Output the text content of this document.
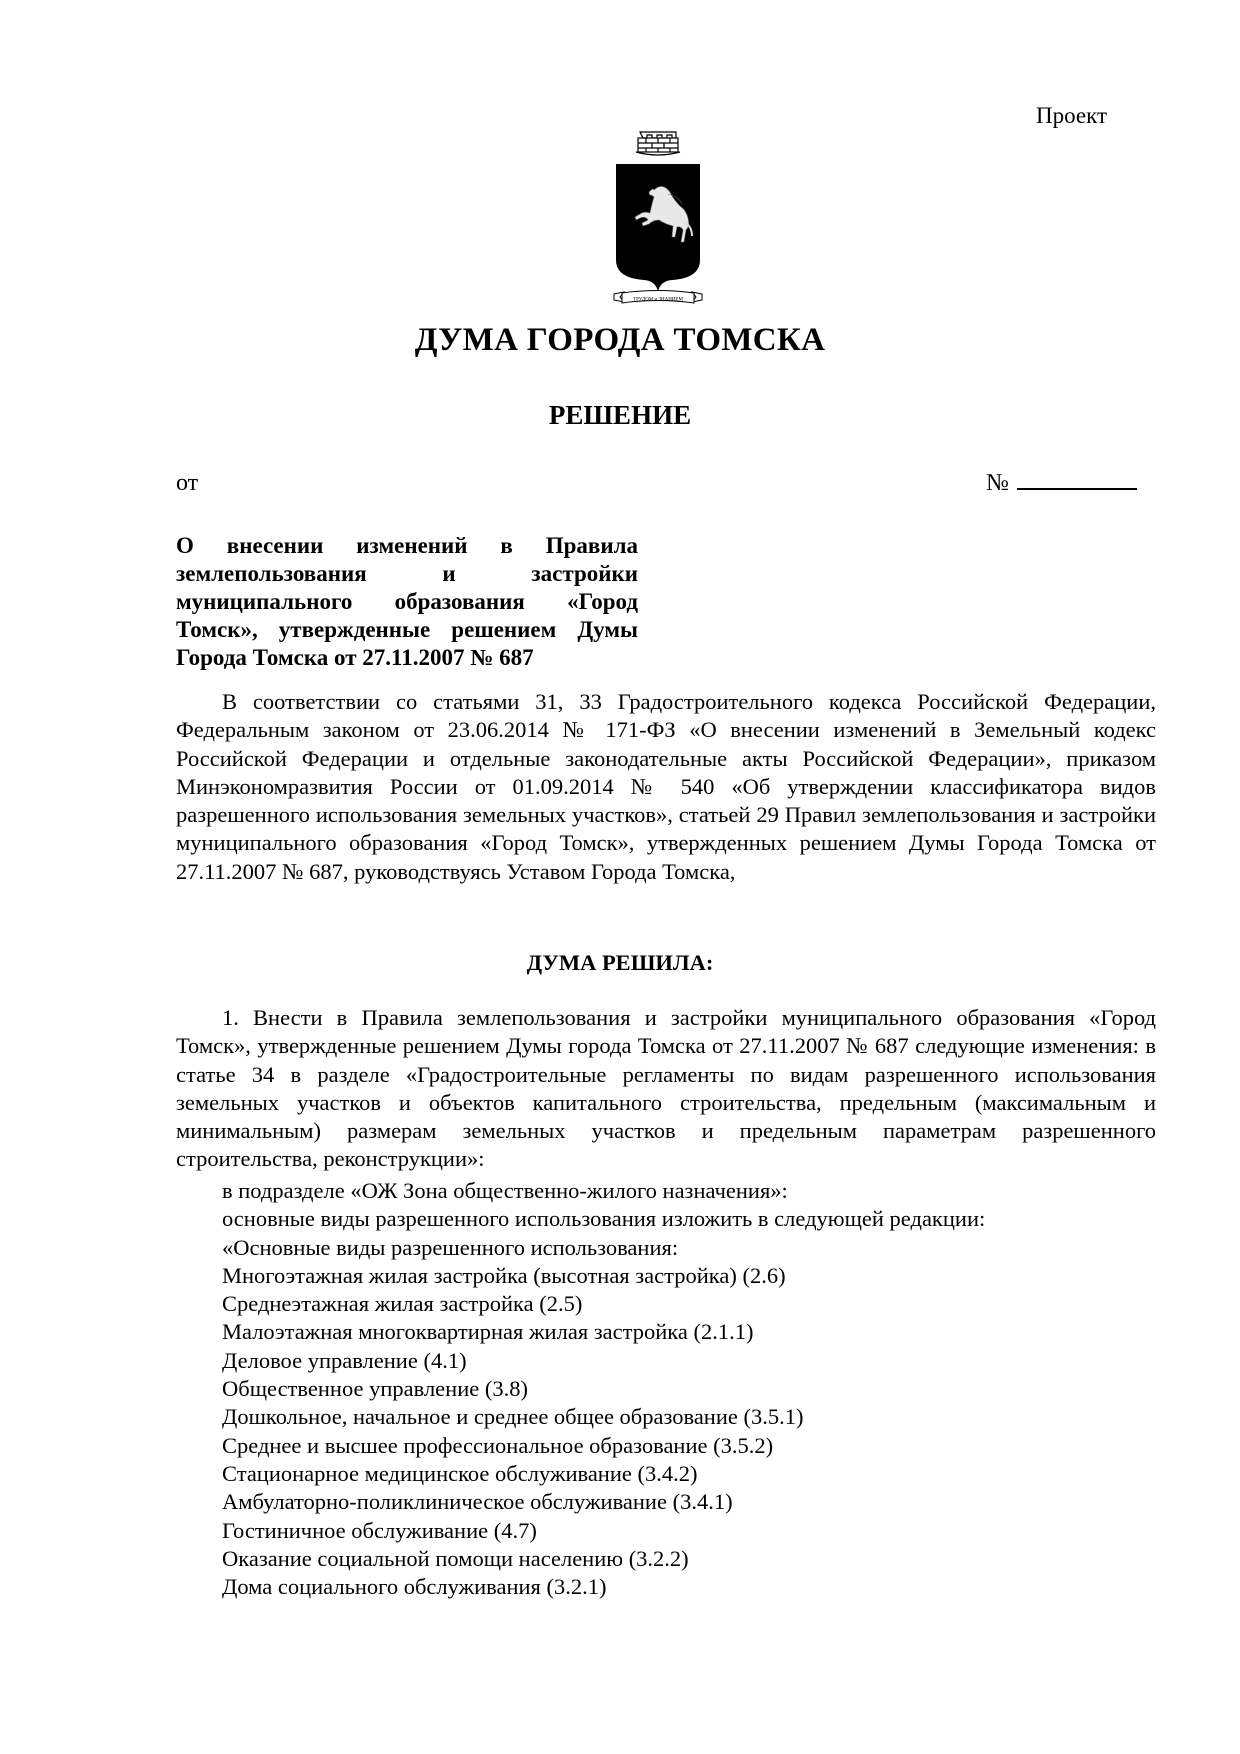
Проект
ТРУДОМ и ЗНАНИЕМ
ДУМА ГОРОДА ТОМСКА
РЕШЕНИЕ
от	№
О внесении изменений в Правила землепользования и застройки муниципального образования «Город Томск», утвержденные решением Думы Города Томска от 27.11.2007 № 687

В соответствии со статьями 31, 33 Градостроительного кодекса Российской Федерации, Федеральным законом от 23.06.2014 № 171-ФЗ «О внесении изменений в Земельный кодекс Российской Федерации и отдельные законодательные акты Российской Федерации», приказом Минэкономразвития России от 01.09.2014 № 540 «Об утверждении классификатора видов разрешенного использования земельных участков», статьей 29 Правил землепользования и застройки муниципального образования «Город Томск», утвержденных решением Думы Города Томска от 27.11.2007 № 687, руководствуясь Уставом Города Томска,

ДУМА РЕШИЛА:

1. Внести в Правила землепользования и застройки муниципального образования «Город Томск», утвержденные решением Думы города Томска от 27.11.2007 № 687 следующие изменения: в статье 34 в разделе «Градостроительные регламенты по видам разрешенного использования земельных участков и объектов капитального строительства, предельным (максимальным и минимальным) размерам земельных участков и предельным параметрам разрешенного строительства, реконструкции»:

в подразделе «ОЖ Зона общественно-жилого назначения»:
основные виды разрешенного использования изложить в следующей редакции:
«Основные виды разрешенного использования:
Многоэтажная жилая застройка (высотная застройка) (2.6)
Среднеэтажная жилая застройка (2.5)
Малоэтажная многоквартирная жилая застройка (2.1.1)
Деловое управление (4.1)
Общественное управление (3.8)
Дошкольное, начальное и среднее общее образование (3.5.1)
Среднее и высшее профессиональное образование (3.5.2)
Стационарное медицинское обслуживание (3.4.2)
Амбулаторно-поликлиническое обслуживание (3.4.1)
Гостиничное обслуживание (4.7)
Оказание социальной помощи населению (3.2.2)
Дома социального обслуживания (3.2.1)
